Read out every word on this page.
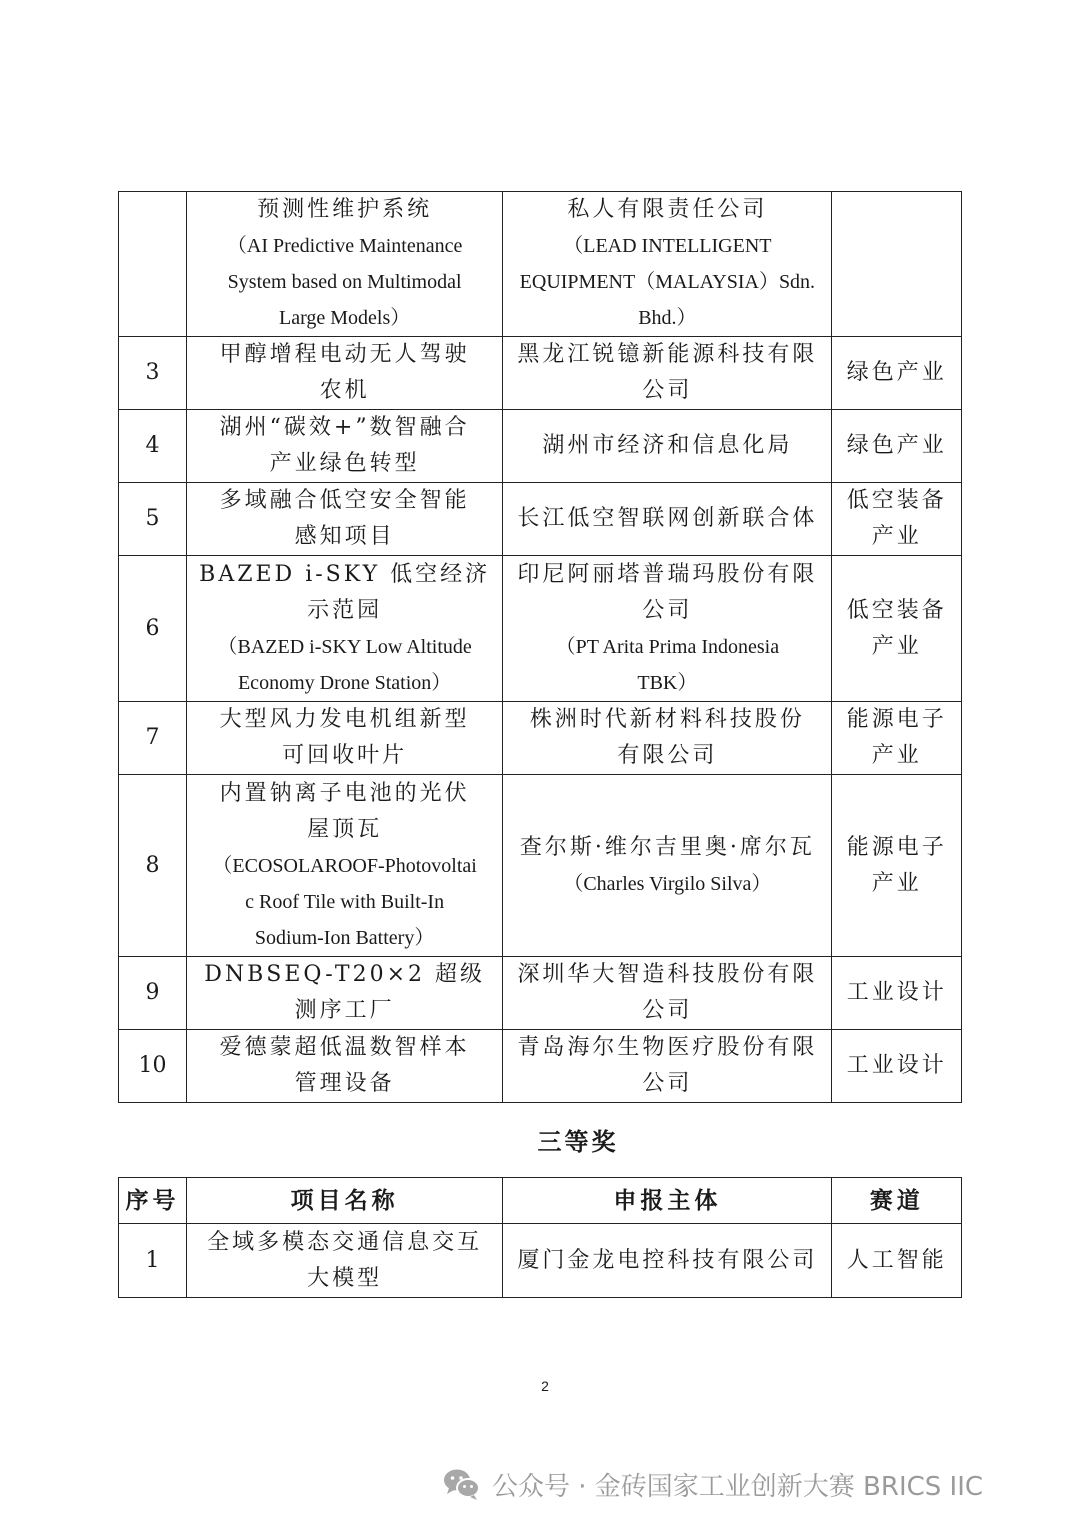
	预测性维护系统
（AI Predictive Maintenance
System based on Multimodal
Large Models）	私人有限责任公司
（LEAD INTELLIGENT
EQUIPMENT（MALAYSIA）Sdn.
Bhd.）	

3	甲醇增程电动无人驾驶
农机	黑龙江锐镱新能源科技有限
公司	绿色产业

4	湖州“碳效+”数智融合
产业绿色转型	湖州市经济和信息化局	绿色产业

5	多域融合低空安全智能
感知项目	长江低空智联网创新联合体	低空装备
产业

6	BAZED i-SKY 低空经济
示范园
（BAZED i-SKY Low Altitude
Economy Drone Station）	印尼阿丽塔普瑞玛股份有限
公司
（PT Arita Prima Indonesia
TBK）	低空装备
产业

7	大型风力发电机组新型
可回收叶片	株洲时代新材料科技股份
有限公司	能源电子
产业

8	内置钠离子电池的光伏
屋顶瓦
（ECOSOLAROOF-Photovoltai
c Roof Tile with Built-In
Sodium-Ion Battery）	查尔斯·维尔吉里奥·席尔瓦
（Charles Virgilo Silva）	能源电子
产业

9	DNBSEQ-T20×2 超级
测序工厂	深圳华大智造科技股份有限
公司	工业设计

10	爱德蒙超低温数智样本
管理设备	青岛海尔生物医疗股份有限
公司	工业设计
三等奖
序号	项目名称	申报主体	赛道
1	全域多模态交通信息交互
大模型	厦门金龙电控科技有限公司	人工智能
2
公众号 · 金砖国家工业创新大赛 BRICS IIC
